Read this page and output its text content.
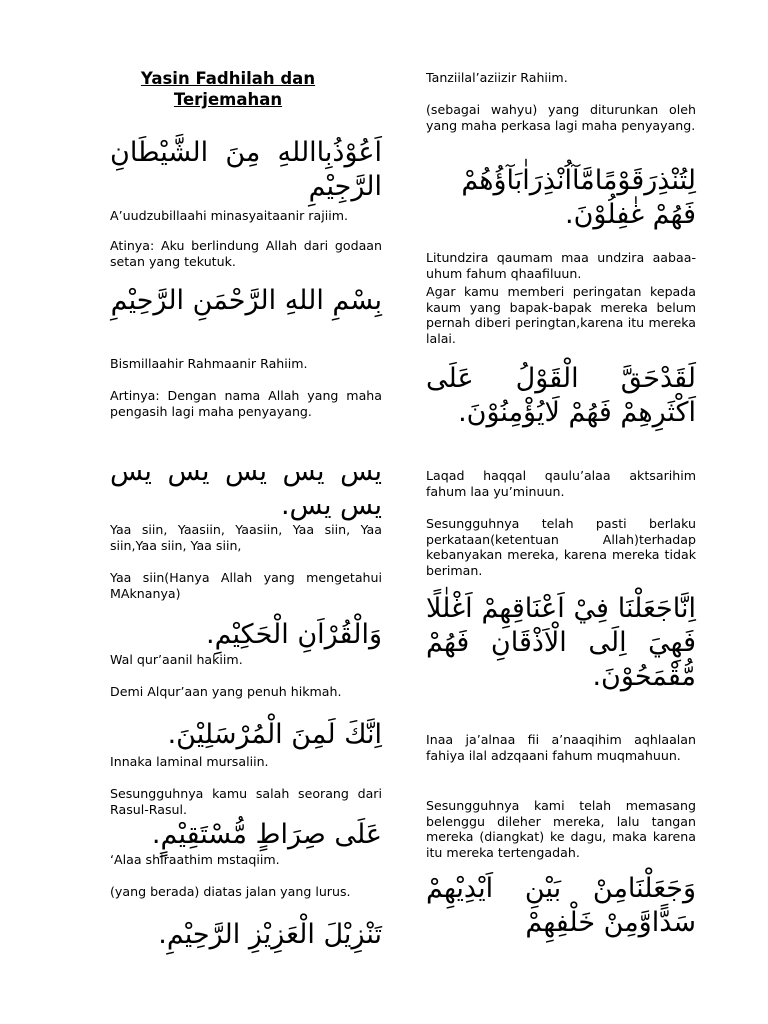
Yasin Fadhilah dan
Terjemahan
اَعُوْذُبِااللهِ مِنَ الشَّيْطَانِ الرَّجِيْمِ
A’uudzubillaahi minasyaitaanir rajiim.
Atinya: Aku berlindung Allah dari godaan setan yang tekutuk.
بِسْمِ اللهِ الرَّحْمَنِ الرَّحِيْمِ
Bismillaahir Rahmaanir Rahiim.
Artinya: Dengan nama Allah yang maha pengasih lagi maha penyayang.
يس يس يس يس يس يس يس.
Yaa siin, Yaasiin, Yaasiin, Yaa siin, Yaa siin,Yaa siin, Yaa siin,
Yaa siin(Hanya Allah yang mengetahui MAknanya)
وَالْقُرْاَنِ الْحَكِيْمِ.
Wal qur’aanil hakiim.
Demi Alqur’aan yang penuh hikmah.
اِنَّكَ لَمِنَ الْمُرْسَلِيْنَ.
Innaka laminal mursaliin.
Sesungguhnya kamu salah seorang dari Rasul-Rasul.
عَلَى صِرَاطٍ مُّسْتَقِيْمٍ.
‘Alaa shiraathim mstaqiim.
(yang berada) diatas jalan yang lurus.
تَنْزِيْلَ الْعَزِيْزِ الرَّحِيْمِ.
Tanziilal’aziizir Rahiim.
(sebagai wahyu) yang diturunkan oleh yang maha perkasa lagi maha penyayang.
لِتُنْذِرَقَوْمًامَّآاُنْذِرَاٰبَآؤُهُمْ فَهُمْ غٰفِلُوْنَ.
Litundzira qaumam maa undzira aabaa-uhum fahum qhaafiluun.
Agar kamu memberi peringatan kepada kaum yang bapak-bapak mereka belum pernah diberi peringtan,karena itu mereka lalai.
لَقَدْحَقَّ الْقَوْلُ عَلَى اَكْثَرِهِمْ فَهُمْ لَايُؤْمِنُوْنَ.
Laqad haqqal qaulu’alaa aktsarihim fahum laa yu’minuun.
Sesungguhnya telah pasti berlaku perkataan(ketentuan Allah)terhadap kebanyakan mereka, karena mereka tidak beriman.
اِنَّاجَعَلْنَا فِيْ اَعْنَاقِهِمْ اَغْلٰلًا فَهِيَ اِلَى الْاَذْقَانِ فَهُمْ مُّقْمَحُوْنَ.
Inaa ja’alnaa fii a’naaqihim aqhlaalan fahiya ilal adzqaani fahum muqmahuun.
Sesungguhnya kami telah memasang belenggu dileher mereka, lalu tangan mereka (diangkat) ke dagu, maka karena itu mereka tertengadah.
وَجَعَلْنَامِنْ بَيْنِ اَيْدِيْهِمْ سَدًّاوَّمِنْ خَلْفِهِمْ
